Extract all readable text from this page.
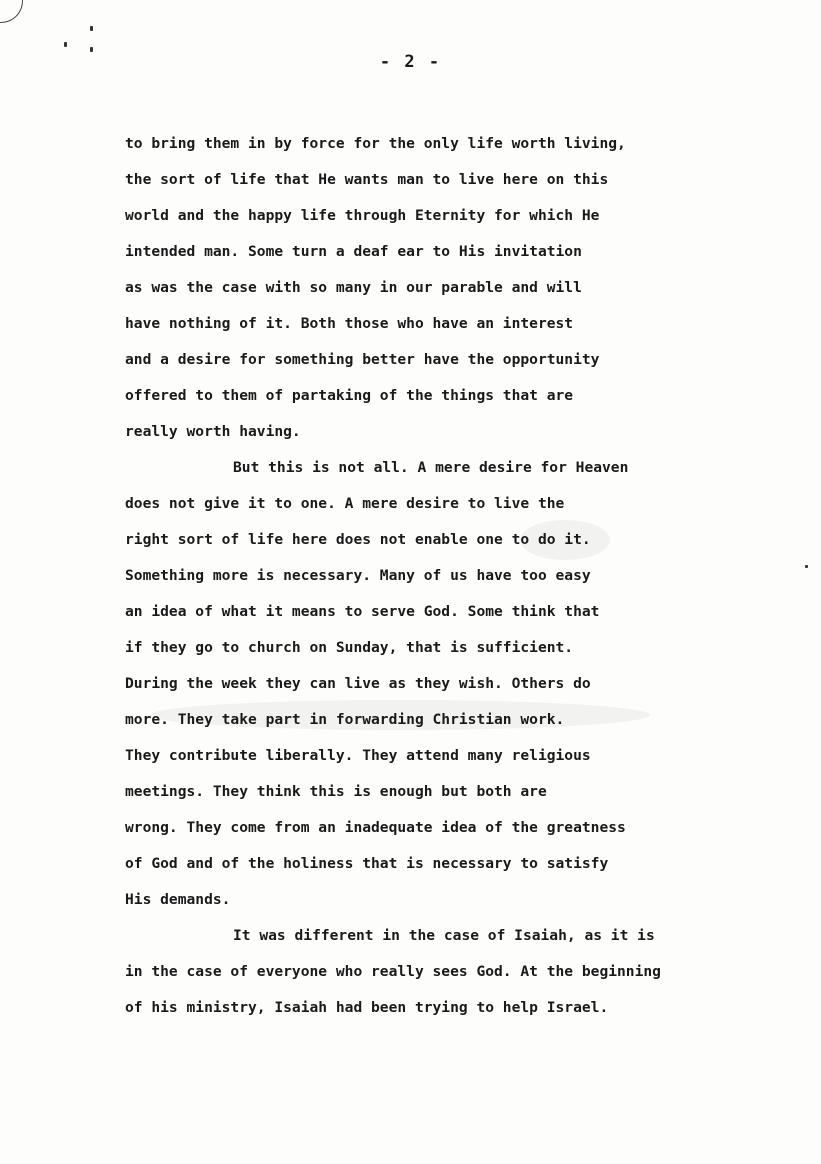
- 2 -
to bring them in by force for the only life worth living,
the sort of life that He wants man to live here on this
world and the happy life through Eternity for which He
intended man. Some turn a deaf ear to His invitation
as was the case with so many in our parable and will
have nothing of it. Both those who have an interest
and a desire for something better have the opportunity
offered to them of partaking of the things that are
really worth having.
But this is not all. A mere desire for Heaven
does not give it to one. A mere desire to live the
right sort of life here does not enable one to do it.
Something more is necessary. Many of us have too easy
an idea of what it means to serve God. Some think that
if they go to church on Sunday, that is sufficient.
During the week they can live as they wish. Others do
more. They take part in forwarding Christian work.
They contribute liberally. They attend many religious
meetings. They think this is enough but both are
wrong. They come from an inadequate idea of the greatness
of God and of the holiness that is necessary to satisfy
His demands.
It was different in the case of Isaiah, as it is
in the case of everyone who really sees God. At the beginning
of his ministry, Isaiah had been trying to help Israel.
